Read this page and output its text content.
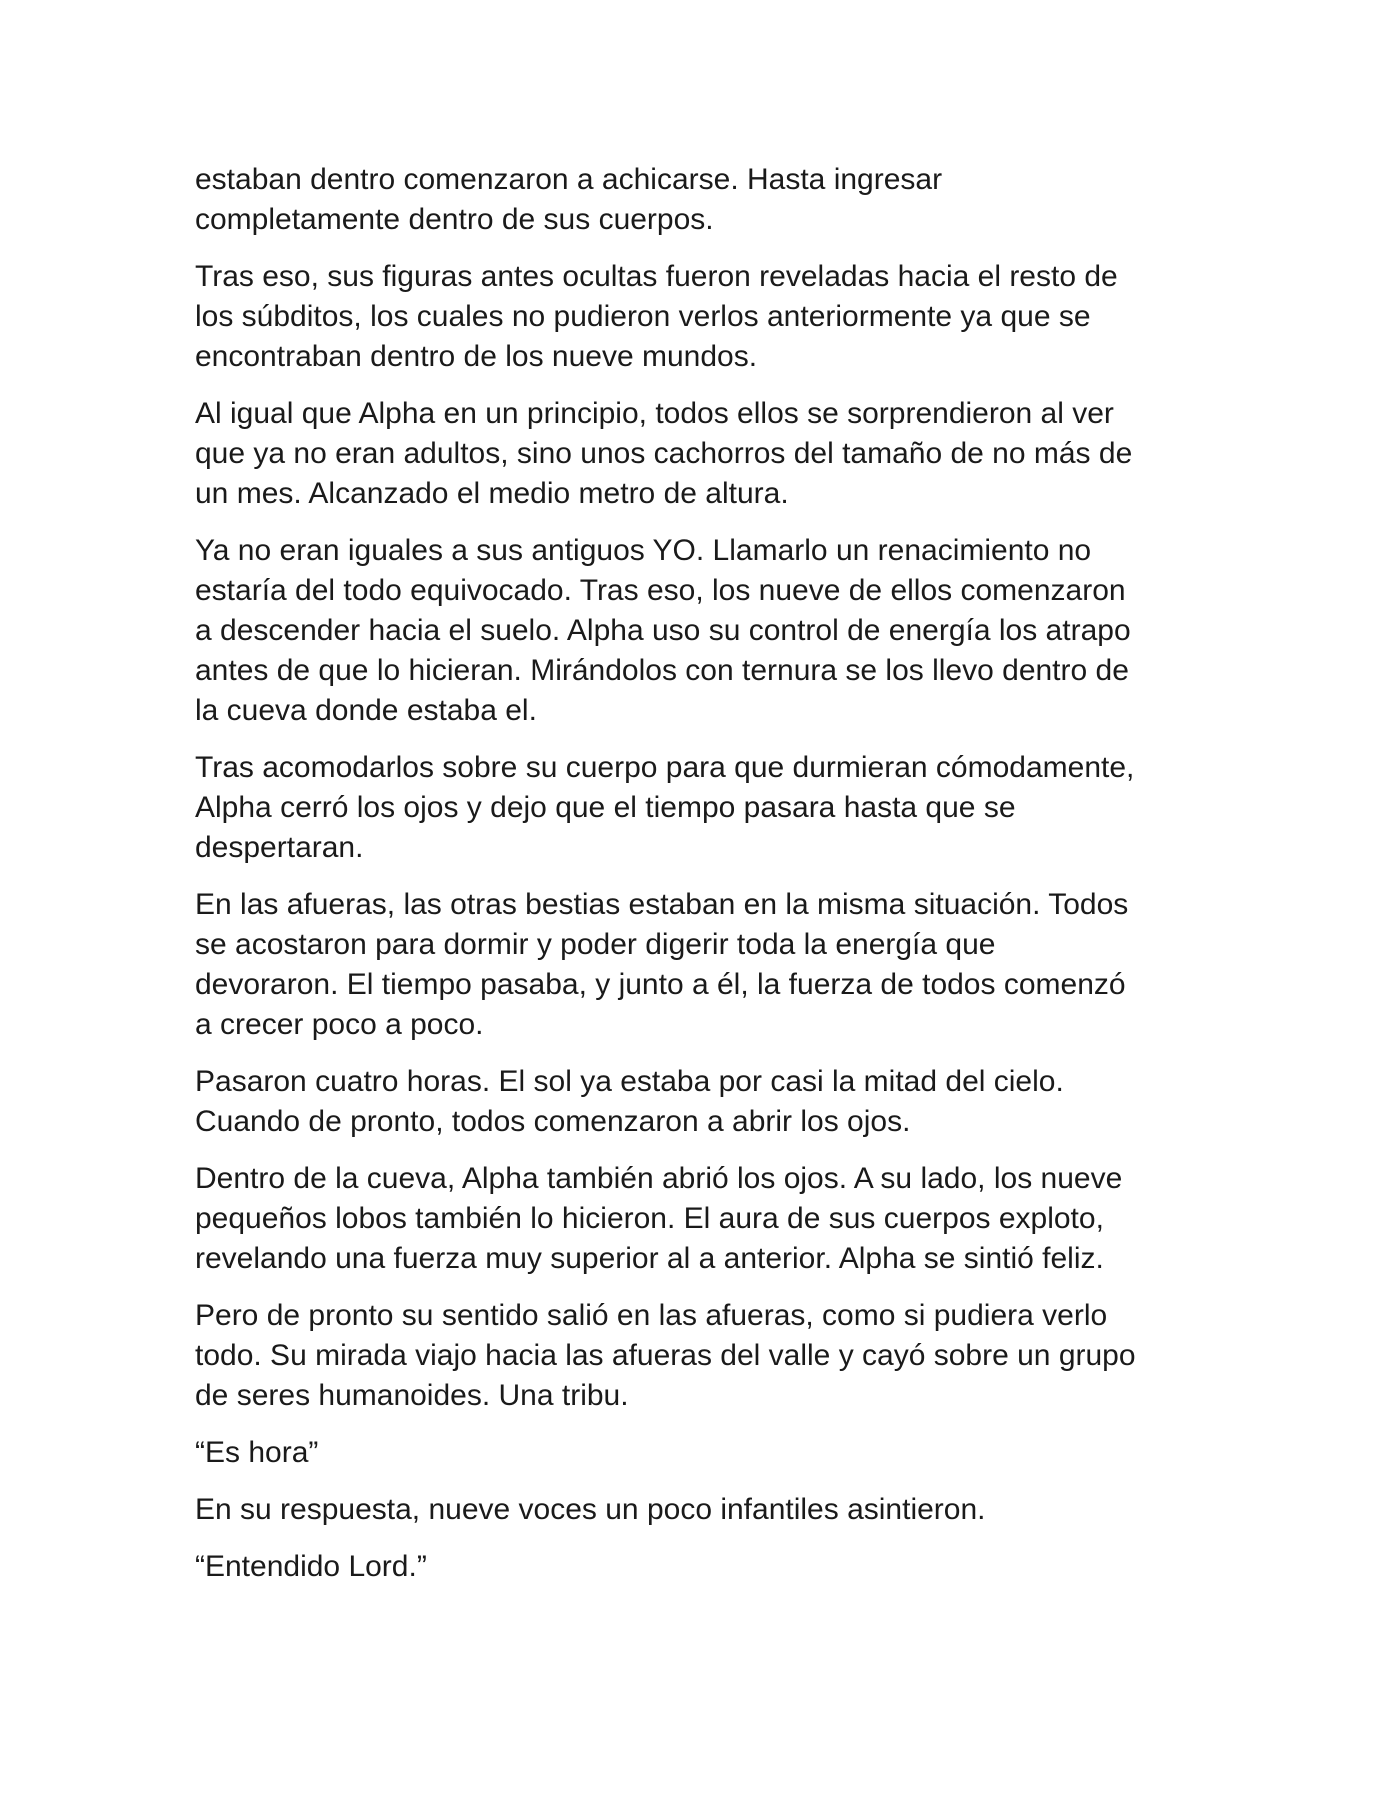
estaban dentro comenzaron a achicarse. Hasta ingresar
completamente dentro de sus cuerpos.

Tras eso, sus figuras antes ocultas fueron reveladas hacia el resto de
los súbditos, los cuales no pudieron verlos anteriormente ya que se
encontraban dentro de los nueve mundos.

Al igual que Alpha en un principio, todos ellos se sorprendieron al ver
que ya no eran adultos, sino unos cachorros del tamaño de no más de
un mes. Alcanzado el medio metro de altura.

Ya no eran iguales a sus antiguos YO. Llamarlo un renacimiento no
estaría del todo equivocado. Tras eso, los nueve de ellos comenzaron
a descender hacia el suelo. Alpha uso su control de energía los atrapo
antes de que lo hicieran. Mirándolos con ternura se los llevo dentro de
la cueva donde estaba el.

Tras acomodarlos sobre su cuerpo para que durmieran cómodamente,
Alpha cerró los ojos y dejo que el tiempo pasara hasta que se
despertaran.

En las afueras, las otras bestias estaban en la misma situación. Todos
se acostaron para dormir y poder digerir toda la energía que
devoraron. El tiempo pasaba, y junto a él, la fuerza de todos comenzó
a crecer poco a poco.

Pasaron cuatro horas. El sol ya estaba por casi la mitad del cielo.
Cuando de pronto, todos comenzaron a abrir los ojos.

Dentro de la cueva, Alpha también abrió los ojos. A su lado, los nueve
pequeños lobos también lo hicieron. El aura de sus cuerpos exploto,
revelando una fuerza muy superior al a anterior. Alpha se sintió feliz.

Pero de pronto su sentido salió en las afueras, como si pudiera verlo
todo. Su mirada viajo hacia las afueras del valle y cayó sobre un grupo
de seres humanoides. Una tribu.

“Es hora”

En su respuesta, nueve voces un poco infantiles asintieron.

“Entendido Lord.”
